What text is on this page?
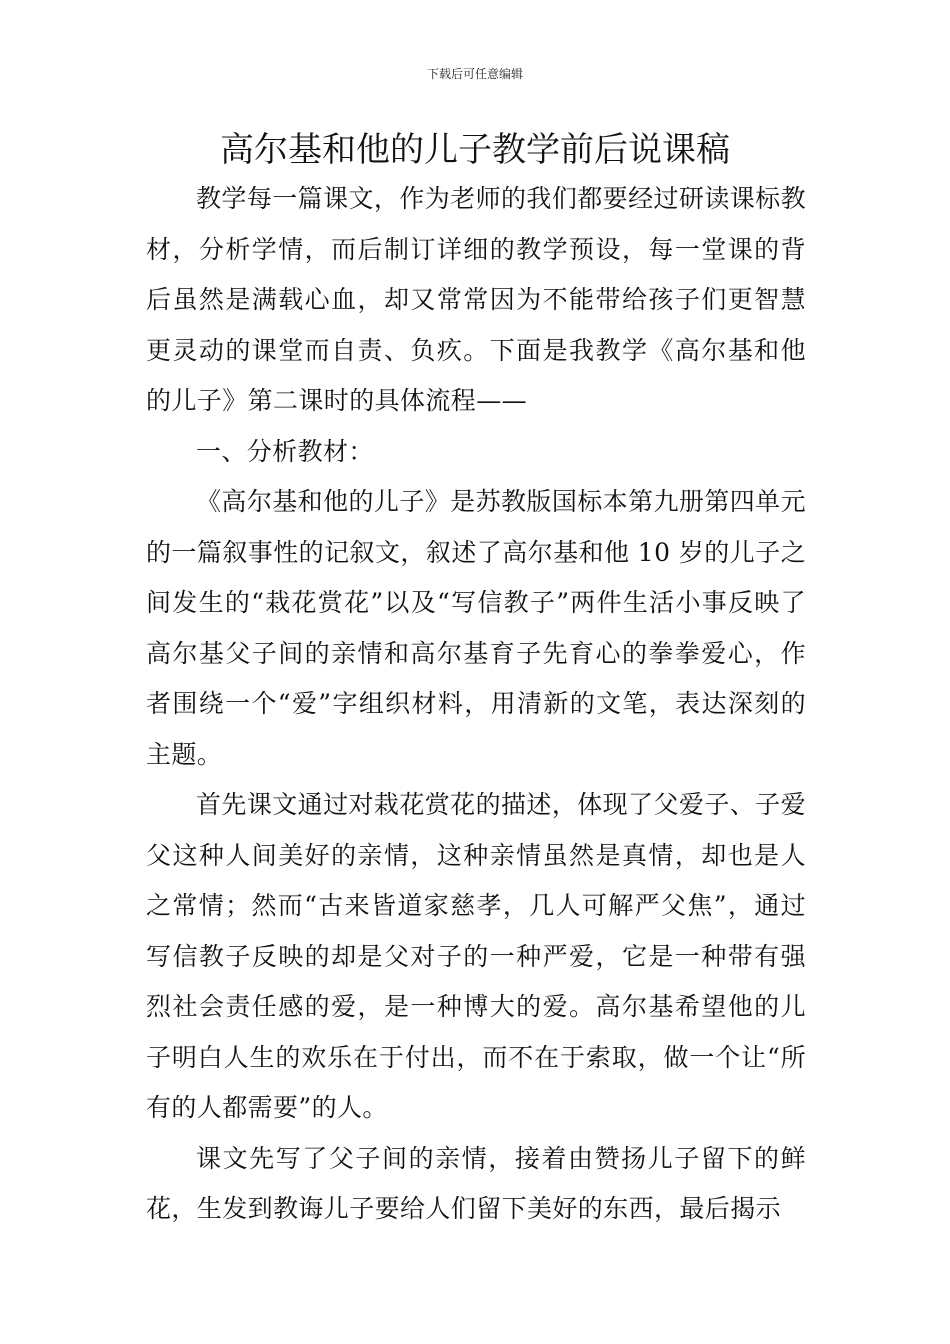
下载后可任意编辑
高尔基和他的儿子教学前后说课稿

教学每一篇课文，作为老师的我们都要经过研读课标教材，分析学情，而后制订详细的教学预设，每一堂课的背后虽然是满载心血，却又常常因为不能带给孩子们更智慧更灵动的课堂而自责、负疚。下面是我教学《高尔基和他的儿子》第二课时的具体流程——

一、分析教材：

《高尔基和他的儿子》是苏教版国标本第九册第四单元的一篇叙事性的记叙文，叙述了高尔基和他 10 岁的儿子之间发生的“栽花赏花”以及“写信教子”两件生活小事反映了高尔基父子间的亲情和高尔基育子先育心的拳拳爱心，作者围绕一个“爱”字组织材料，用清新的文笔，表达深刻的主题。

首先课文通过对栽花赏花的描述，体现了父爱子、子爱父这种人间美好的亲情，这种亲情虽然是真情，却也是人之常情；然而“古来皆道家慈孝，几人可解严父焦”，通过写信教子反映的却是父对子的一种严爱，它是一种带有强烈社会责任感的爱，是一种博大的爱。高尔基希望他的儿子明白人生的欢乐在于付出，而不在于索取，做一个让“所有的人都需要”的人。

课文先写了父子间的亲情，接着由赞扬儿子留下的鲜花，生发到教诲儿子要给人们留下美好的东西，最后揭示
